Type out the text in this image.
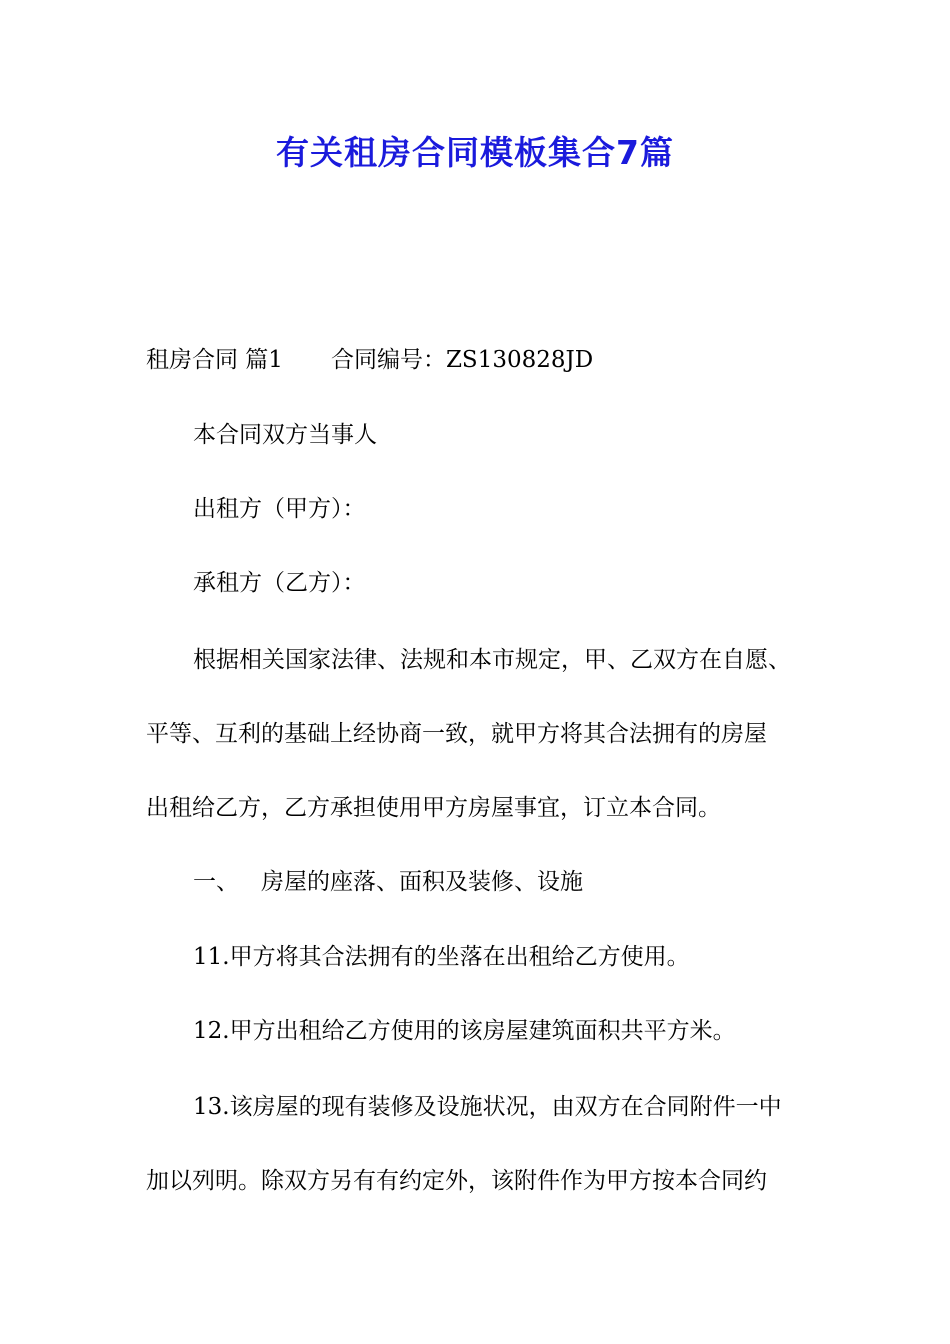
有关租房合同模板集合7篇
租房合同 篇1 合同编号：ZS130828JD
本合同双方当事人
出租方（甲方）：
承租方（乙方）：
根据相关国家法律、法规和本市规定，甲、乙双方在自愿、
平等、互利的基础上经协商一致，就甲方将其合法拥有的房屋
出租给乙方，乙方承担使用甲方房屋事宜，订立本合同。
一、 房屋的座落、面积及装修、设施
11.甲方将其合法拥有的坐落在出租给乙方使用。
12.甲方出租给乙方使用的该房屋建筑面积共平方米。
13.该房屋的现有装修及设施状况，由双方在合同附件一中
加以列明。除双方另有有约定外，该附件作为甲方按本合同约
